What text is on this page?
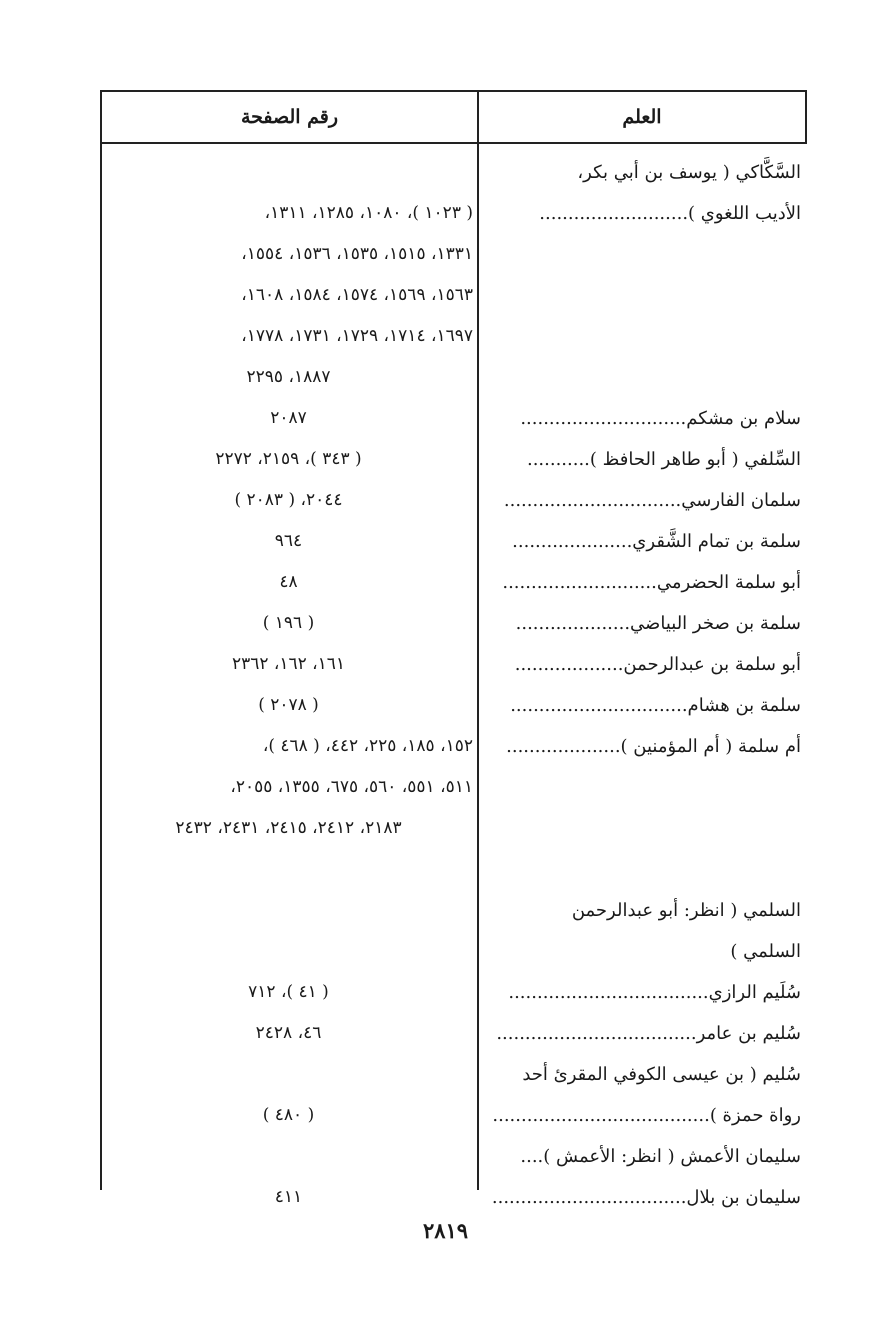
رقم الصفحة	العلم
السَّكَّاكي ( يوسف بن أبي بكر،
( ١٠٢٣ )، ١٠٨٠، ١٢٨٥، ١٣١١،	الأديب اللغوي )..........................
١٣٣١، ١٥١٥، ١٥٣٥، ١٥٣٦، ١٥٥٤،
١٥٦٣، ١٥٦٩، ١٥٧٤، ١٥٨٤، ١٦٠٨،
١٦٩٧، ١٧١٤، ١٧٢٩، ١٧٣١، ١٧٧٨،
١٨٨٧، ٢٢٩٥
٢٠٨٧	سلام بن مشكم.............................
( ٣٤٣ )، ٢١٥٩، ٢٢٧٢	السِّلفي ( أبو طاهر الحافظ )...........
٢٠٤٤، ( ٢٠٨٣ )	سلمان الفارسي...............................
٩٦٤	سلمة بن تمام الشَّقري.....................
٤٨	أبو سلمة الحضرمي...........................
( ١٩٦ )	سلمة بن صخر البياضي....................
١٦١، ١٦٢، ٢٣٦٢	أبو سلمة بن عبدالرحمن...................
( ٢٠٧٨ )	سلمة بن هشام...............................
١٥٢، ١٨٥، ٢٢٥، ٤٤٢، ( ٤٦٨ )،	أم سلمة ( أم المؤمنين )....................
٥١١، ٥٥١، ٥٦٠، ٦٧٥، ١٣٥٥، ٢٠٥٥،
٢١٨٣، ٢٤١٢، ٢٤١٥، ٢٤٣١، ٢٤٣٢
السلمي ( انظر: أبو عبدالرحمن
السلمي )
( ٤١ )، ٧١٢	سُلَيم الرازي...................................
٤٦، ٢٤٢٨	سُليم بن عامر...................................
سُليم ( بن عيسى الكوفي المقرئ أحد
( ٤٨٠ )	رواة حمزة )......................................
سليمان الأعمش ( انظر: الأعمش )....
٤١١	سليمان بن بلال..................................
٢٨١٩
